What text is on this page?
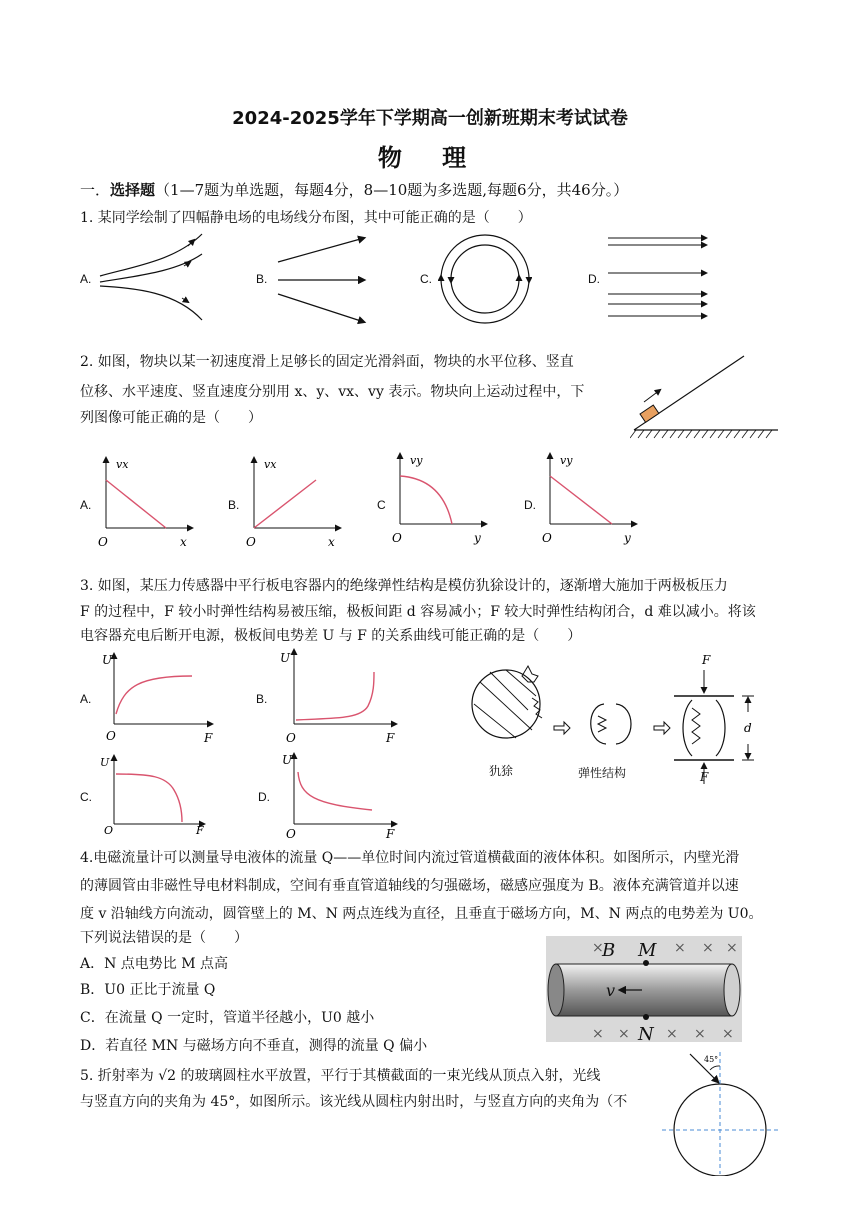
2024-2025学年下学期高一创新班期末考试试卷
物 理
一．选择题（1—7题为单选题，每题4分，8—10题为多选题,每题6分，共46分。）
1. 某同学绘制了四幅静电场的电场线分布图，其中可能正确的是（　　）
A.	B.	C.	D.
2. 如图，物块以某一初速度滑上足够长的固定光滑斜面，物块的水平位移、竖直
位移、水平速度、竖直速度分别用 x、y、vx、vy 表示。物块向上运动过程中，下
列图像可能正确的是（　　）
A.	B.	C	D.
vx
O	x
vx
O	x
vy
O	y
vy
O	y
3. 如图，某压力传感器中平行板电容器内的绝缘弹性结构是模仿犰狳设计的，逐渐增大施加于两极板压力
F 的过程中，F 较小时弹性结构易被压缩，极板间距 d 容易减小；F 较大时弹性结构闭合，d 难以减小。将该
电容器充电后断开电源，极板间电势差 U 与 F 的关系曲线可能正确的是（　　）
A.	B.
C.	D.
U
O	F
U
O	F
U
O	F
U
O	F
F
d
犰狳	弹性结构	F
4.电磁流量计可以测量导电液体的流量 Q——单位时间内流过管道横截面的液体体积。如图所示，内壁光滑
的薄圆管由非磁性导电材料制成，空间有垂直管道轴线的匀强磁场，磁感应强度为 B。液体充满管道并以速
度 v 沿轴线方向流动，圆管壁上的 M、N 两点连线为直径，且垂直于磁场方向，M、N 两点的电势差为 U0。
下列说法错误的是（　　）
A．N 点电势比 M 点高
B．U0 正比于流量 Q
C．在流量 Q 一定时，管道半径越小，U0 越小
D．若直径 MN 与磁场方向不垂直，测得的流量 Q 偏小
×	× × ×
× ×	× × ×
B M
N
v
5. 折射率为 √2 的玻璃圆柱水平放置，平行于其横截面的一束光线从顶点入射，光线
与竖直方向的夹角为 45°，如图所示。该光线从圆柱内射出时，与竖直方向的夹角为（不
45°
